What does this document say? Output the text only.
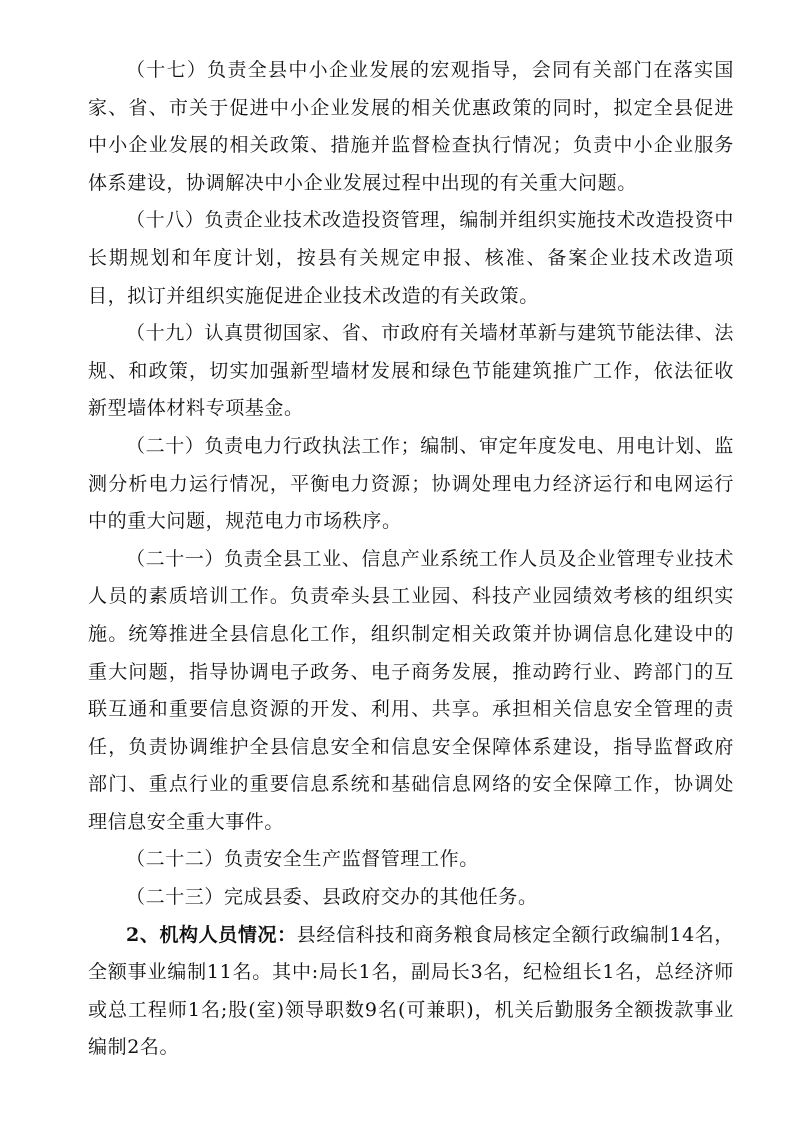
（十七）负责全县中小企业发展的宏观指导，会同有关部门在落实国家、省、市关于促进中小企业发展的相关优惠政策的同时，拟定全县促进中小企业发展的相关政策、措施并监督检查执行情况；负责中小企业服务体系建设，协调解决中小企业发展过程中出现的有关重大问题。

（十八）负责企业技术改造投资管理，编制并组织实施技术改造投资中长期规划和年度计划，按县有关规定申报、核准、备案企业技术改造项目，拟订并组织实施促进企业技术改造的有关政策。

（十九）认真贯彻国家、省、市政府有关墙材革新与建筑节能法律、法规、和政策，切实加强新型墙材发展和绿色节能建筑推广工作，依法征收新型墙体材料专项基金。

（二十）负责电力行政执法工作；编制、审定年度发电、用电计划、监测分析电力运行情况，平衡电力资源；协调处理电力经济运行和电网运行中的重大问题，规范电力市场秩序。

（二十一）负责全县工业、信息产业系统工作人员及企业管理专业技术人员的素质培训工作。负责牵头县工业园、科技产业园绩效考核的组织实施。统筹推进全县信息化工作，组织制定相关政策并协调信息化建设中的重大问题，指导协调电子政务、电子商务发展，推动跨行业、跨部门的互联互通和重要信息资源的开发、利用、共享。承担相关信息安全管理的责任，负责协调维护全县信息安全和信息安全保障体系建设，指导监督政府部门、重点行业的重要信息系统和基础信息网络的安全保障工作，协调处理信息安全重大事件。

（二十二）负责安全生产监督管理工作。

（二十三）完成县委、县政府交办的其他任务。

2、机构人员情况：县经信科技和商务粮食局核定全额行政编制14名，全额事业编制11名。其中:局长1名，副局长3名，纪检组长1名，总经济师或总工程师1名;股(室)领导职数9名(可兼职)，机关后勤服务全额拨款事业编制2名。
